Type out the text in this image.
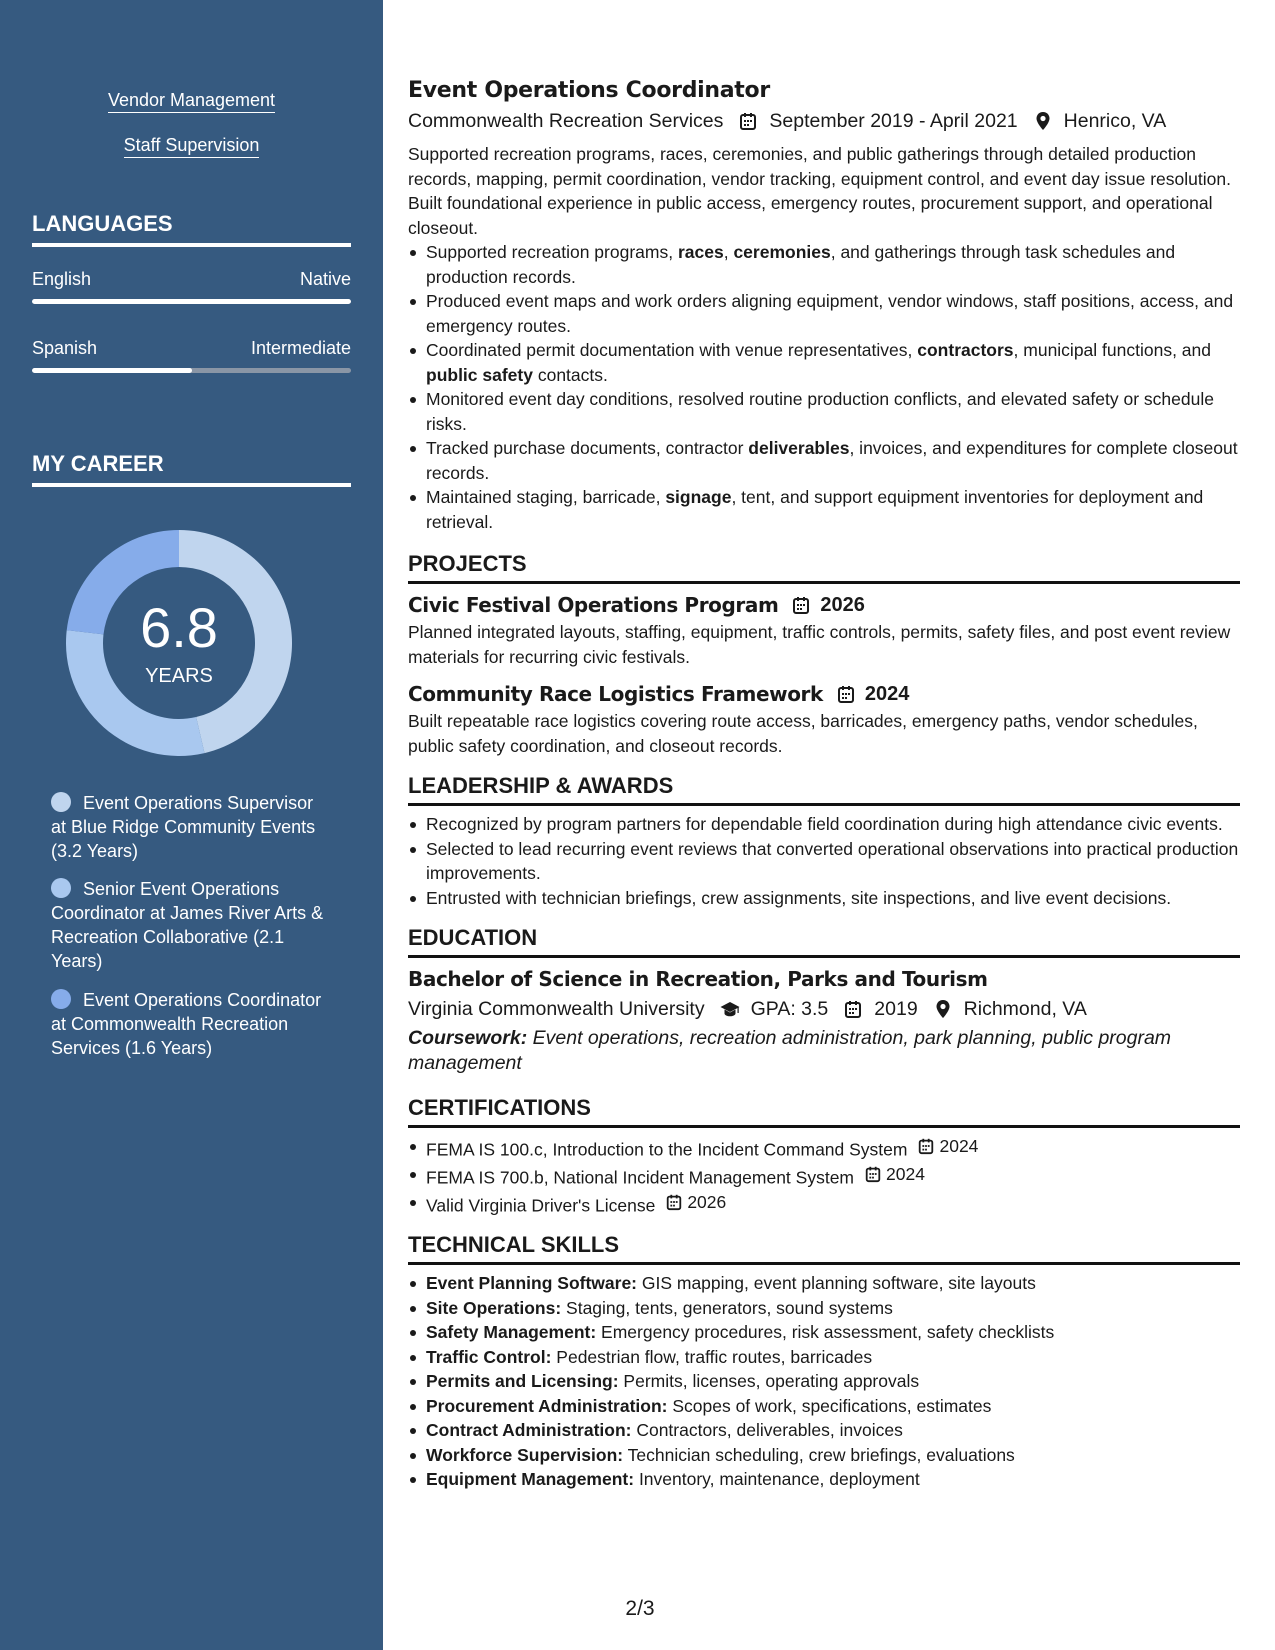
Vendor Management
Staff Supervision
LANGUAGES
English	Native
Spanish	Intermediate
MY CAREER
6.8
YEARS
Event Operations Supervisor at Blue Ridge Community Events (3.2 Years)
Senior Event Operations Coordinator at James River Arts & Recreation Collaborative (2.1 Years)
Event Operations Coordinator at Commonwealth Recreation Services (1.6 Years)
Event Operations Coordinator
Commonwealth Recreation Services September 2019 - April 2021 Henrico, VA

Supported recreation programs, races, ceremonies, and public gatherings through detailed production records, mapping, permit coordination, vendor tracking, equipment control, and event day issue resolution. Built foundational experience in public access, emergency routes, procurement support, and operational closeout.

Supported recreation programs, races, ceremonies, and gatherings through task schedules and production records.
Produced event maps and work orders aligning equipment, vendor windows, staff positions, access, and emergency routes.
Coordinated permit documentation with venue representatives, contractors, municipal functions, and public safety contacts.
Monitored event day conditions, resolved routine production conflicts, and elevated safety or schedule risks.
Tracked purchase documents, contractor deliverables, invoices, and expenditures for complete closeout records.
Maintained staging, barricade, signage, tent, and support equipment inventories for deployment and retrieval.
PROJECTS
Civic Festival Operations Program 2026

Planned integrated layouts, staffing, equipment, traffic controls, permits, safety files, and post event review materials for recurring civic festivals.

Community Race Logistics Framework 2024

Built repeatable race logistics covering route access, barricades, emergency paths, vendor schedules, public safety coordination, and closeout records.

LEADERSHIP & AWARDS
Recognized by program partners for dependable field coordination during high attendance civic events.
Selected to lead recurring event reviews that converted operational observations into practical production improvements.
Entrusted with technician briefings, crew assignments, site inspections, and live event decisions.
EDUCATION
Bachelor of Science in Recreation, Parks and Tourism
Virginia Commonwealth University GPA: 3.5 2019 Richmond, VA

Coursework: Event operations, recreation administration, park planning, public program management

CERTIFICATIONS
FEMA IS 100.c, Introduction to the Incident Command System 2024
FEMA IS 700.b, National Incident Management System 2024
Valid Virginia Driver's License 2026
TECHNICAL SKILLS
Event Planning Software: GIS mapping, event planning software, site layouts
Site Operations: Staging, tents, generators, sound systems
Safety Management: Emergency procedures, risk assessment, safety checklists
Traffic Control: Pedestrian flow, traffic routes, barricades
Permits and Licensing: Permits, licenses, operating approvals
Procurement Administration: Scopes of work, specifications, estimates
Contract Administration: Contractors, deliverables, invoices
Workforce Supervision: Technician scheduling, crew briefings, evaluations
Equipment Management: Inventory, maintenance, deployment
2/3
